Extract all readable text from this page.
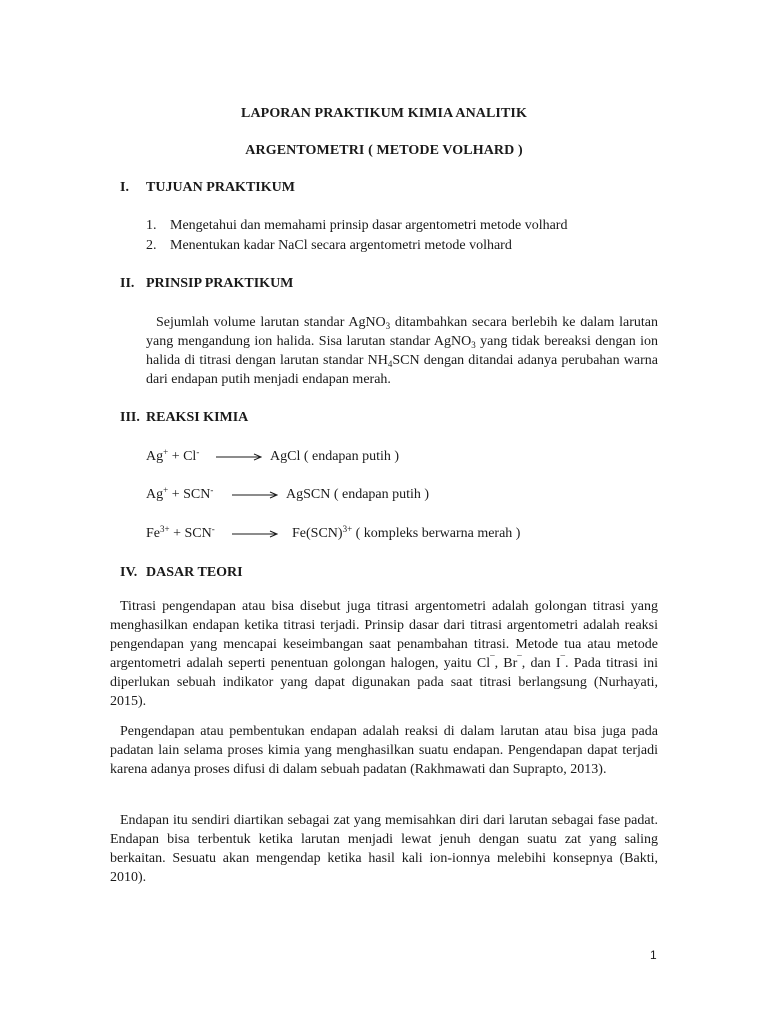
LAPORAN PRAKTIKUM KIMIA ANALITIK
ARGENTOMETRI ( METODE VOLHARD )
I. TUJUAN PRAKTIKUM
1. Mengetahui dan memahami prinsip dasar argentometri metode volhard
2. Menentukan kadar NaCl secara argentometri metode volhard
II. PRINSIP PRAKTIKUM

Sejumlah volume larutan standar AgNO$_3$ ditambahkan secara berlebih ke dalam larutan yang mengandung ion halida. Sisa larutan standar AgNO$_3$ yang tidak bereaksi dengan ion halida di titrasi dengan larutan standar $NH_4SCN$ dengan ditandai adanya perubahan warna dari endapan putih menjadi endapan merah.

III. REAKSI KIMIA
Ag+ + Cl- → AgCl ( endapan putih )
Ag+ + SCN- → AgSCN ( endapan putih )
$Fe^{3+} + SCN^- \to Fe(SCN)^{3+}$ ( kompleks berwarna merah )
IV. DASAR TEORI

Titrasi pengendapan atau bisa disebut juga titrasi argentometri adalah golongan titrasi yang menghasilkan endapan ketika titrasi terjadi. Prinsip dasar dari titrasi argentometri adalah reaksi pengendapan yang mencapai keseimbangan saat penambahan titrasi. Metode tua atau metode argentometri adalah seperti penentuan golongan halogen, yaitu Cl¯, Br¯, dan I¯. Pada titrasi ini diperlukan sebuah indikator yang dapat digunakan pada saat titrasi berlangsung (Nurhayati, 2015).

Pengendapan atau pembentukan endapan adalah reaksi di dalam larutan atau bisa juga pada padatan lain selama proses kimia yang menghasilkan suatu endapan. Pengendapan dapat terjadi karena adanya proses difusi di dalam sebuah padatan (Rakhmawati dan Suprapto, 2013).

Endapan itu sendiri diartikan sebagai zat yang memisahkan diri dari larutan sebagai fase padat. Endapan bisa terbentuk ketika larutan menjadi lewat jenuh dengan suatu zat yang saling berkaitan. Sesuatu akan mengendap ketika hasil kali ion-ionnya melebihi konsepnya (Bakti, 2010).

1
